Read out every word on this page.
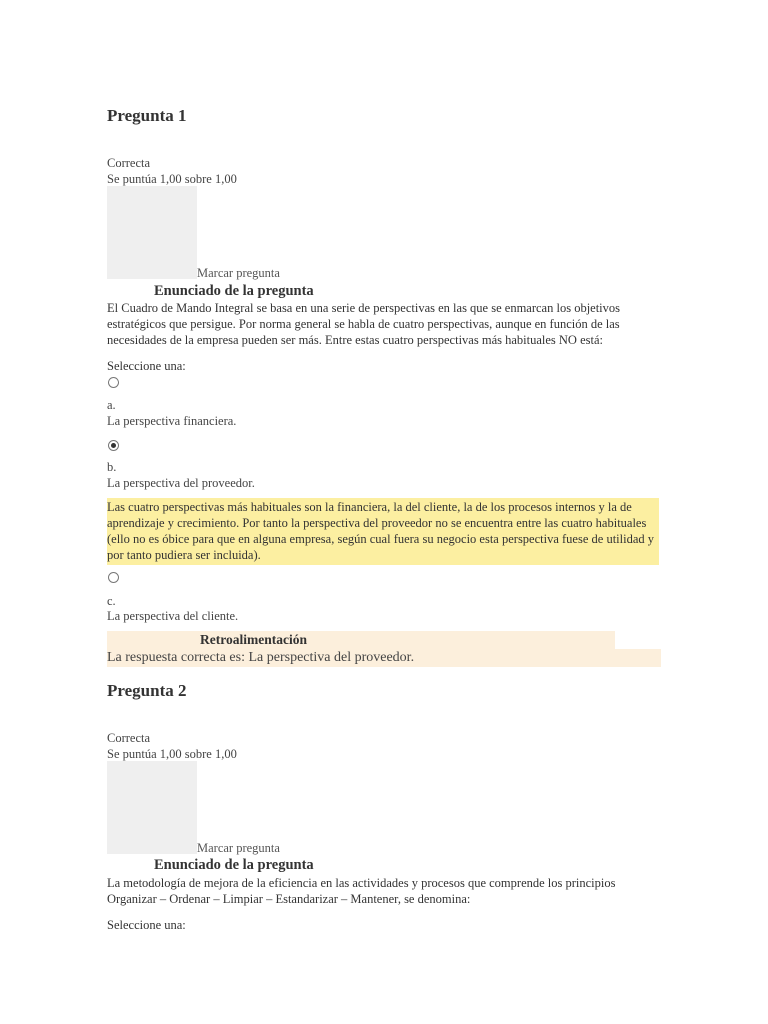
Pregunta 1
Correcta
Se puntúa 1,00 sobre 1,00
Marcar pregunta
Enunciado de la pregunta
El Cuadro de Mando Integral se basa en una serie de perspectivas en las que se enmarcan los objetivos estratégicos que persigue. Por norma general se habla de cuatro perspectivas, aunque en función de las necesidades de la empresa pueden ser más. Entre estas cuatro perspectivas más habituales NO está:
Seleccione una:
a.
La perspectiva financiera.
b.
La perspectiva del proveedor.
Las cuatro perspectivas más habituales son la financiera, la del cliente, la de los procesos internos y la de aprendizaje y crecimiento. Por tanto la perspectiva del proveedor no se encuentra entre las cuatro habituales (ello no es óbice para que en alguna empresa, según cual fuera su negocio esta perspectiva fuese de utilidad y por tanto pudiera ser incluida).
c.
La perspectiva del cliente.
Retroalimentación
La respuesta correcta es: La perspectiva del proveedor.
Pregunta 2
Correcta
Se puntúa 1,00 sobre 1,00
Marcar pregunta
Enunciado de la pregunta
La metodología de mejora de la eficiencia en las actividades y procesos que comprende los principios Organizar – Ordenar – Limpiar – Estandarizar – Mantener, se denomina:
Seleccione una:
